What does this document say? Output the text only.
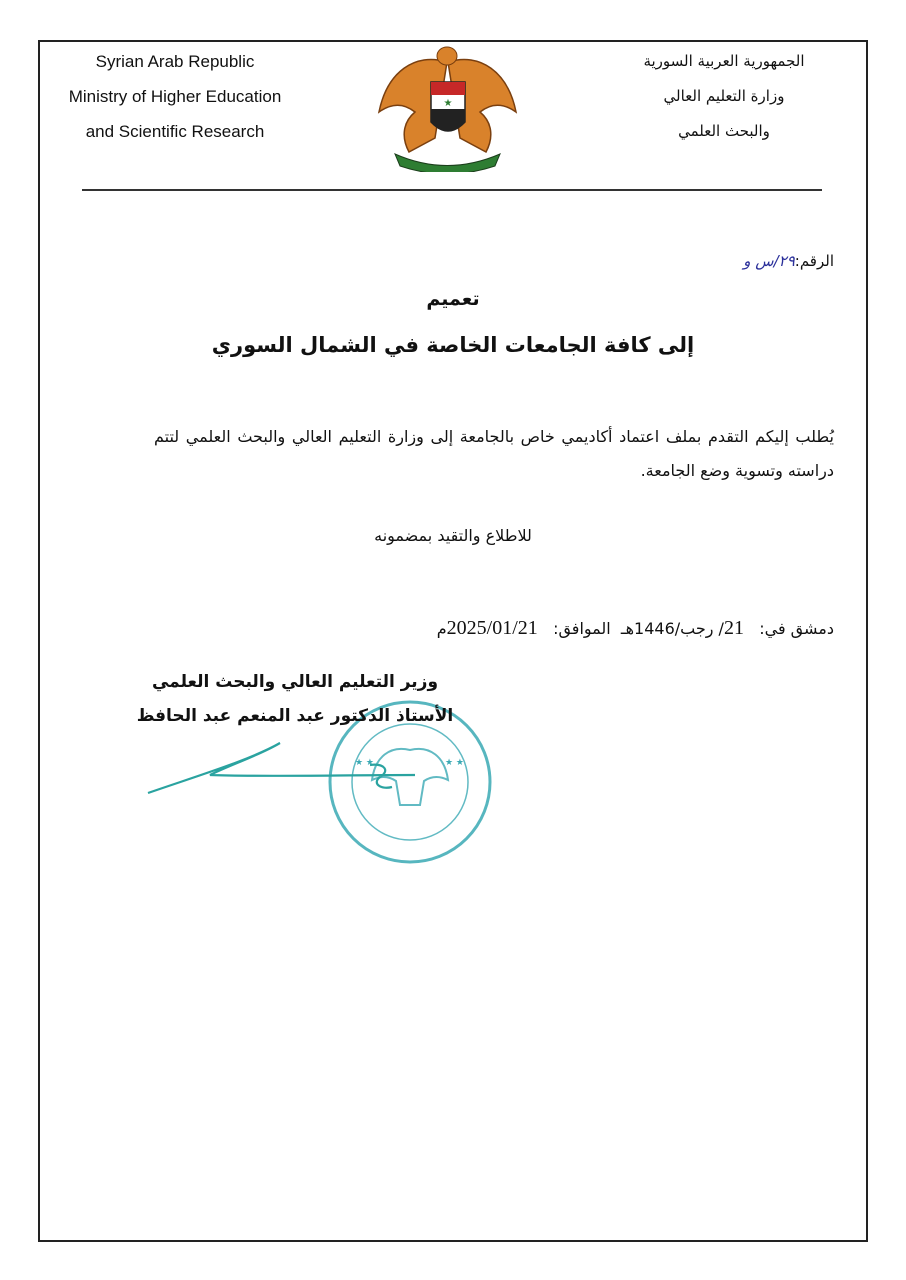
Syrian Arab Republic
Ministry of Higher Education
and Scientific Research
★
الجمهورية العربية السورية
وزارة التعليم العالي
والبحث العلمي
الرقم:٢٩/س و
تعميم
إلى كافة الجامعات الخاصة في الشمال السوري
يُطلب إليكم التقدم بملف اعتماد أكاديمي خاص بالجامعة إلى وزارة التعليم العالي والبحث العلمي لتتم دراسته وتسوية وضع الجامعة.
للاطلاع والتقيد بمضمونه
دمشق في:   21/ رجب/1446هـ  الموافق:   2025/01/21م
★ ★	★ ★
وزير التعليم العالي والبحث العلمي
الأستاذ الدكتور عبد المنعم عبد الحافظ
